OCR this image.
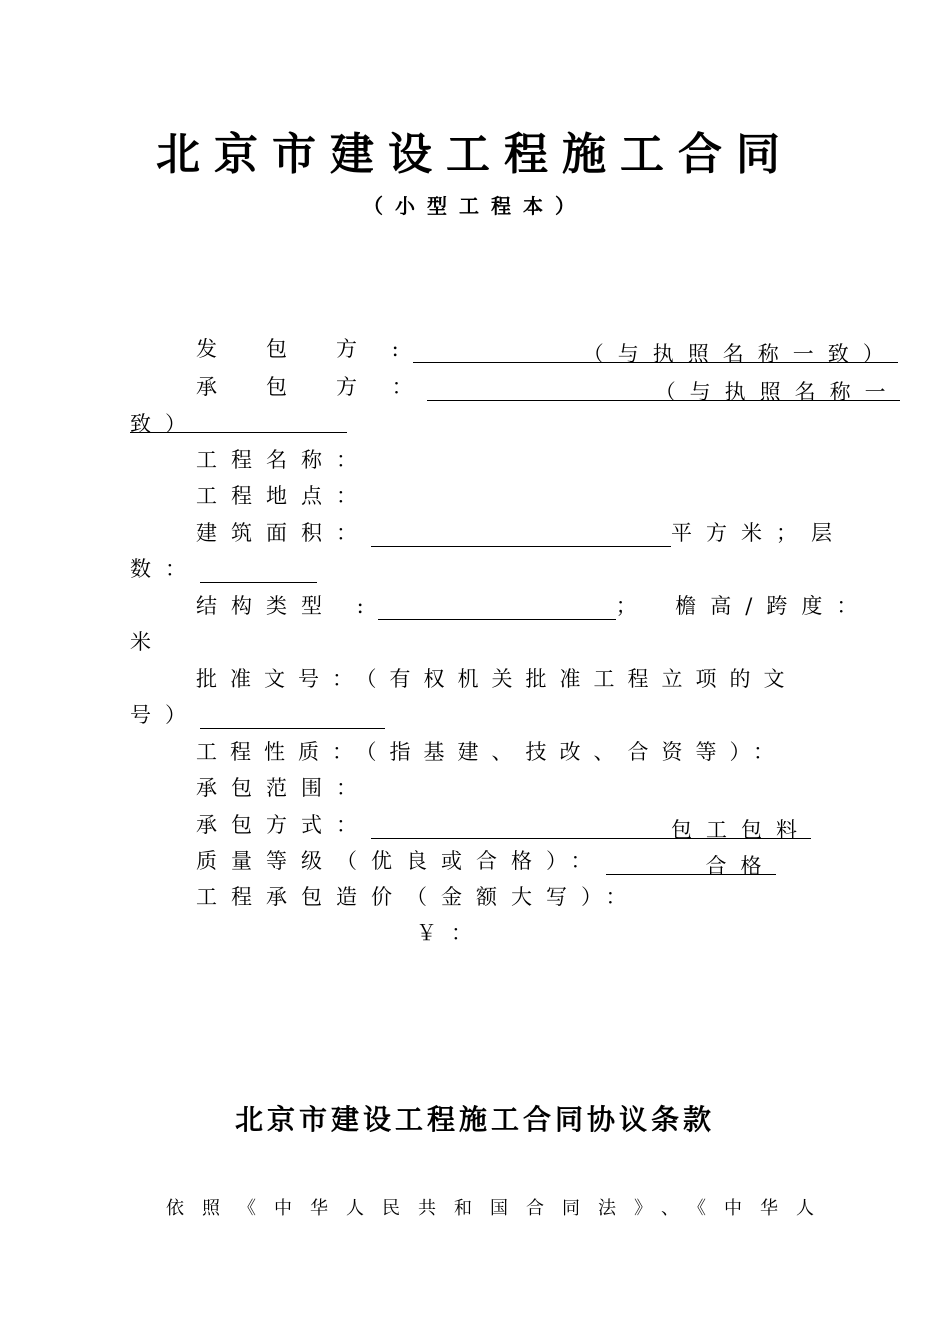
北京市建设工程施工合同
（小型工程本）
发　包　方 :	（与执照名称一致）
承　包　方 ：	（与执照名称一
致）
工程名称：
工程地点：
建筑面积：	平方米；层
数：
结构类型 :	；　檐高/跨度：
米
批准文号：（有权机关批准工程立项的文
号）
工程性质：（指基建、技改、合资等）：
承包范围：
承包方式：	包工包料
质量等级（优良或合格）：	合格
工程承包造价（金额大写）：
￥：
北京市建设工程施工合同协议条款
依照《中华人民共和国合同法》、《中华人
